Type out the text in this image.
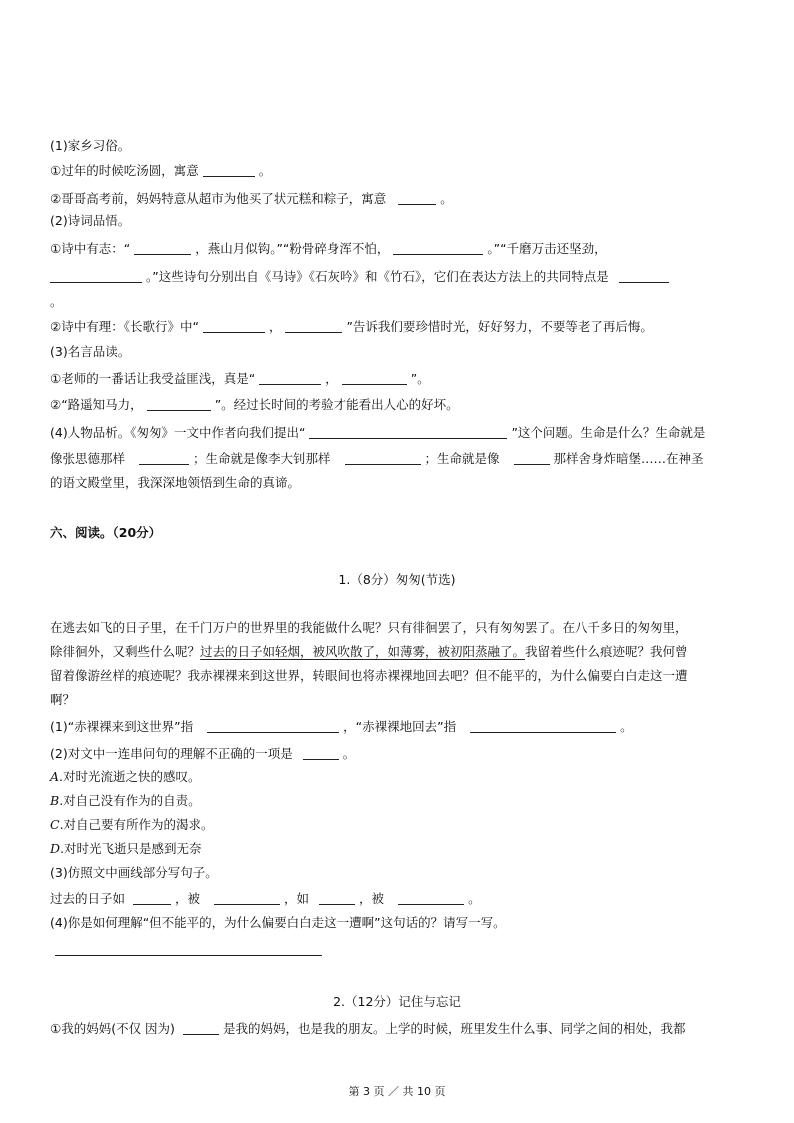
(1)家乡习俗。
①过年的时候吃汤圆，寓意	。
②哥哥高考前，妈妈特意从超市为他买了状元糕和粽子，寓意	。
(2)诗词品悟。
①诗中有志：“	，燕山月似钩。”“粉骨碎身浑不怕，	。”“千磨万击还坚劲，
。”这些诗句分别出自《马诗》《石灰吟》和《竹石》，它们在表达方法上的共同特点是
。
②诗中有理：《长歌行》中“	，	”告诉我们要珍惜时光，好好努力，不要等老了再后悔。
(3)名言品读。
①老师的一番话让我受益匪浅，真是“	，	”。
②“路遥知马力，	”。经过长时间的考验才能看出人心的好坏。
(4)人物品析。《匆匆》一文中作者向我们提出“	”这个问题。生命是什么？生命就是
像张思德那样	；生命就是像李大钊那样	；生命就是像	那样舍身炸暗堡……在神圣
的语文殿堂里，我深深地领悟到生命的真谛。
六、阅读。（20分）
1.（8分）匆匆(节选)
在逃去如飞的日子里，在千门万户的世界里的我能做什么呢？只有徘徊罢了，只有匆匆罢了。在八千多日的匆匆里，
除徘徊外，又剩些什么呢？过去的日子如轻烟，被风吹散了，如薄雾，被初阳蒸融了。我留着些什么痕迹呢？我何曾
留着像游丝样的痕迹呢？我赤裸裸来到这世界，转眼间也将赤裸裸地回去吧？但不能平的，为什么偏要白白走这一遭
啊？
(1)“赤裸裸来到这世界”指	，“赤裸裸地回去”指	。
(2)对文中一连串问句的理解不正确的一项是	。
A.对时光流逝之快的感叹。
B.对自己没有作为的自责。
C.对自己要有所作为的渴求。
D.对时光飞逝只是感到无奈
(3)仿照文中画线部分写句子。
过去的日子如	，被	，如	，被	。
(4)你是如何理解“但不能平的，为什么偏要白白走这一遭啊”这句话的？请写一写。
2.（12分）记住与忘记
①我的妈妈(不仅 因为)	是我的妈妈，也是我的朋友。上学的时候，班里发生什么事、同学之间的相处，我都
第 3 页 ／ 共 10 页
